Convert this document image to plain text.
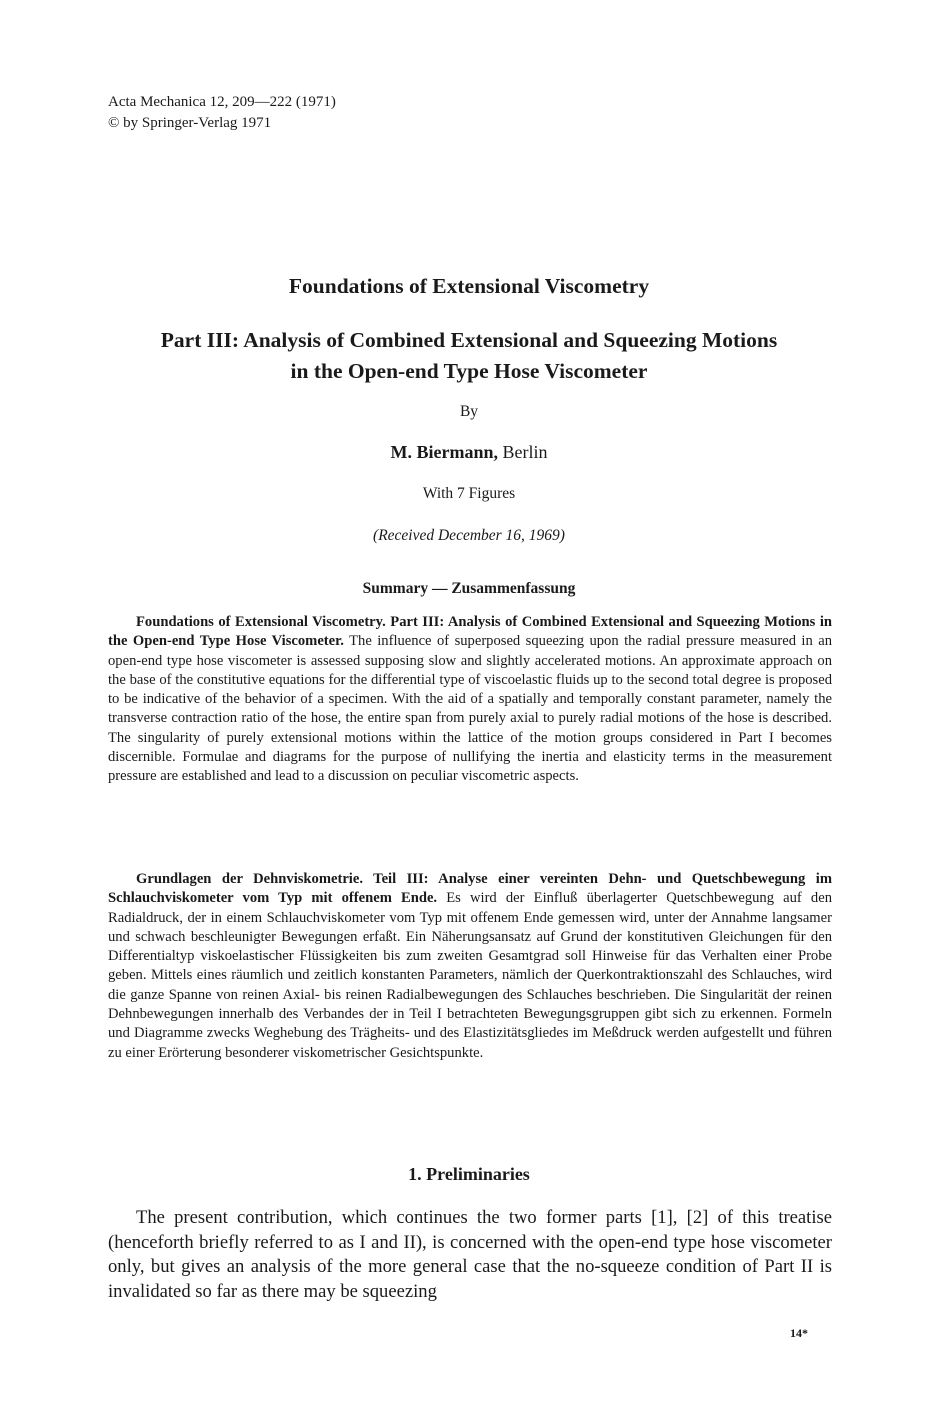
Acta Mechanica 12, 209—222 (1971)
© by Springer-Verlag 1971
Foundations of Extensional Viscometry
Part III: Analysis of Combined Extensional and Squeezing Motions
in the Open-end Type Hose Viscometer
By
M. Biermann, Berlin
With 7 Figures
(Received December 16, 1969)
Summary — Zusammenfassung

Foundations of Extensional Viscometry. Part III: Analysis of Combined Extensional and Squeezing Motions in the Open-end Type Hose Viscometer. The influence of superposed squeezing upon the radial pressure measured in an open-end type hose viscometer is assessed supposing slow and slightly accelerated motions. An approximate approach on the base of the constitutive equations for the differential type of viscoelastic fluids up to the second total degree is proposed to be indicative of the behavior of a specimen. With the aid of a spatially and temporally constant parameter, namely the transverse contraction ratio of the hose, the entire span from purely axial to purely radial motions of the hose is described. The singularity of purely extensional motions within the lattice of the motion groups considered in Part I becomes discernible. Formulae and diagrams for the purpose of nullifying the inertia and elasticity terms in the measurement pressure are established and lead to a discussion on peculiar viscometric aspects.

Grundlagen der Dehnviskometrie. Teil III: Analyse einer vereinten Dehn- und Quetschbewegung im Schlauchviskometer vom Typ mit offenem Ende. Es wird der Einfluß überlagerter Quetschbewegung auf den Radialdruck, der in einem Schlauchviskometer vom Typ mit offenem Ende gemessen wird, unter der Annahme langsamer und schwach beschleunigter Bewegungen erfaßt. Ein Näherungsansatz auf Grund der konstitutiven Gleichungen für den Differentialtyp viskoelastischer Flüssigkeiten bis zum zweiten Gesamtgrad soll Hinweise für das Verhalten einer Probe geben. Mittels eines räumlich und zeitlich konstanten Parameters, nämlich der Querkontraktionszahl des Schlauches, wird die ganze Spanne von reinen Axial- bis reinen Radialbewegungen des Schlauches beschrieben. Die Singularität der reinen Dehnbewegungen innerhalb des Verbandes der in Teil I betrachteten Bewegungsgruppen gibt sich zu erkennen. Formeln und Diagramme zwecks Weghebung des Trägheits- und des Elastizitätsgliedes im Meßdruck werden aufgestellt und führen zu einer Erörterung besonderer viskometrischer Gesichtspunkte.

1. Preliminaries

The present contribution, which continues the two former parts [1], [2] of this treatise (henceforth briefly referred to as I and II), is concerned with the open-end type hose viscometer only, but gives an analysis of the more general case that the no-squeeze condition of Part II is invalidated so far as there may be squeezing

14*
